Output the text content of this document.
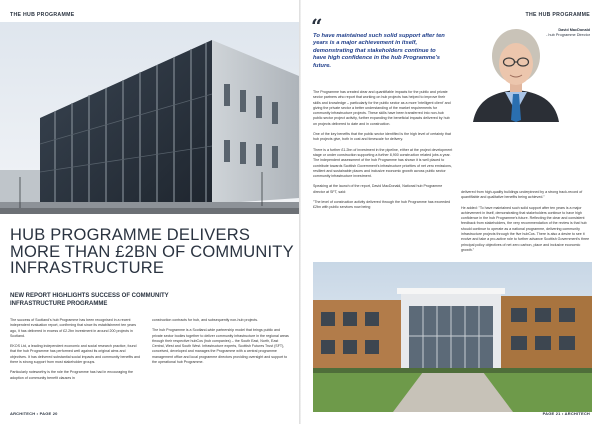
THE HUB PROGRAMME
HUB PROGRAMME DELIVERS MORE THAN £2BN OF COMMUNITY INFRASTRUCTURE
NEW REPORT HIGHLIGHTS SUCCESS OF COMMUNITY INFRASTRUCTURE PROGRAMME

The success of Scotland's hub Programme has been recognised in a recent independent evaluation report, confirming that since its establishment ten years ago, it has delivered in excess of £2.2bn investment in around 200 projects in Scotland.

EKOS Ltd, a leading independent economic and social research practice, found that the hub Programme has performed well against its original aims and objectives. It has delivered substantial social impacts and community benefits and there is strong support from most stakeholder groups.

Particularly noteworthy is the role the Programme has had in encouraging the adoption of community benefit clauses in

construction contracts for hub, and subsequently non-hub projects.

The hub Programme is a Scotland-wide partnership model that brings public and private sector bodies together to deliver community infrastructure in the regional areas through their respective hubCos (hub companies) – the South East, North, East Central, West and South West. Infrastructure experts, Scottish Futures Trust (SFT), conceived, developed and manages the Programme with a central programme management office and local programme directors providing oversight and support to the operational hub Programme.

ARCHITECH • PAGE 20
THE HUB PROGRAMME
“
To have maintained such solid support after ten years is a major achievement in itself, demonstrating that stakeholders continue to have high confidence in the hub Programme's future.
David MacDonald
- hub Programme Director

The Programme has created clear and quantifiable impacts for the public and private sector partners who report that working on hub projects has helped to improve their skills and knowledge – particularly for the public sector as a more 'intelligent client' and giving the private sector a better understanding of the market requirements for community infrastructure projects. These skills have been transferred into non-hub public sector project activity, further expanding the beneficial impacts delivered by hub on projects delivered to date and in construction.

One of the key benefits that the public sector identified is the high level of certainty that hub projects give, both in cost and timescale for delivery.

There is a further £1.2bn of investment in the pipeline, either at the project development stage or under construction supporting a further 8,900 construction related jobs a year. The independent assessment of the hub Programme has shown it is well placed to contribute towards Scottish Government's infrastructure priorities of net zero emissions, resilient and sustainable places and inclusive economic growth across public sector community infrastructure investment.

Speaking at the launch of the report, David MacDonald, National hub Programme director at SFT, said:

"The level of construction activity delivered through the hub Programme has exceeded £2bn with public services now being

delivered from high-quality buildings underpinned by a strong track-record of quantifiable and qualitative benefits being achieved."

He added: "To have maintained such solid support after ten years is a major achievement in itself, demonstrating that stakeholders continue to have high confidence in the hub Programme's future. Reflecting the clear and consistent feedback from stakeholders, the very recommendation of the review is that hub should continue to operate as a national programme, delivering community infrastructure projects through the five hubCos. There is also a desire to see it evolve and take a pro-active role to further advance Scottish Government's three principal policy objectives of net zero carbon, place and inclusive economic growth."

PAGE 21 • ARCHITECH
